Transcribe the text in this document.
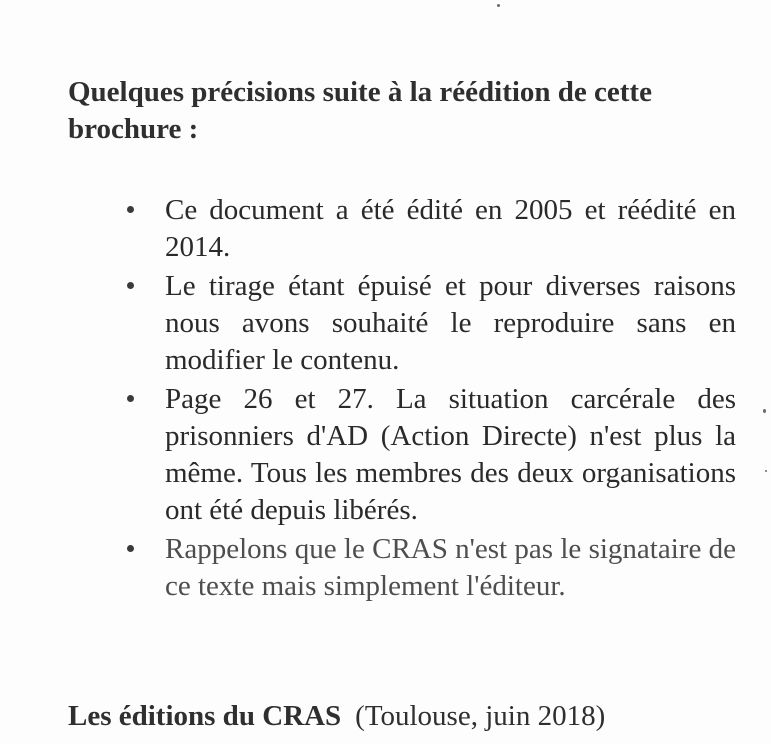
Quelques précisions suite à la réédition de cette brochure :
Ce document a été édité en 2005 et réédité en 2014.
Le tirage étant épuisé et pour diverses raisons nous avons souhaité le reproduire sans en modifier le contenu.
Page 26 et 27. La situation carcérale des prisonniers d'AD (Action Directe) n'est plus la même. Tous les membres des deux organisations ont été depuis libérés.
Rappelons que le CRAS n'est pas le signataire de ce texte mais simplement l'éditeur.

Les éditions du CRAS (Toulouse, juin 2018)
